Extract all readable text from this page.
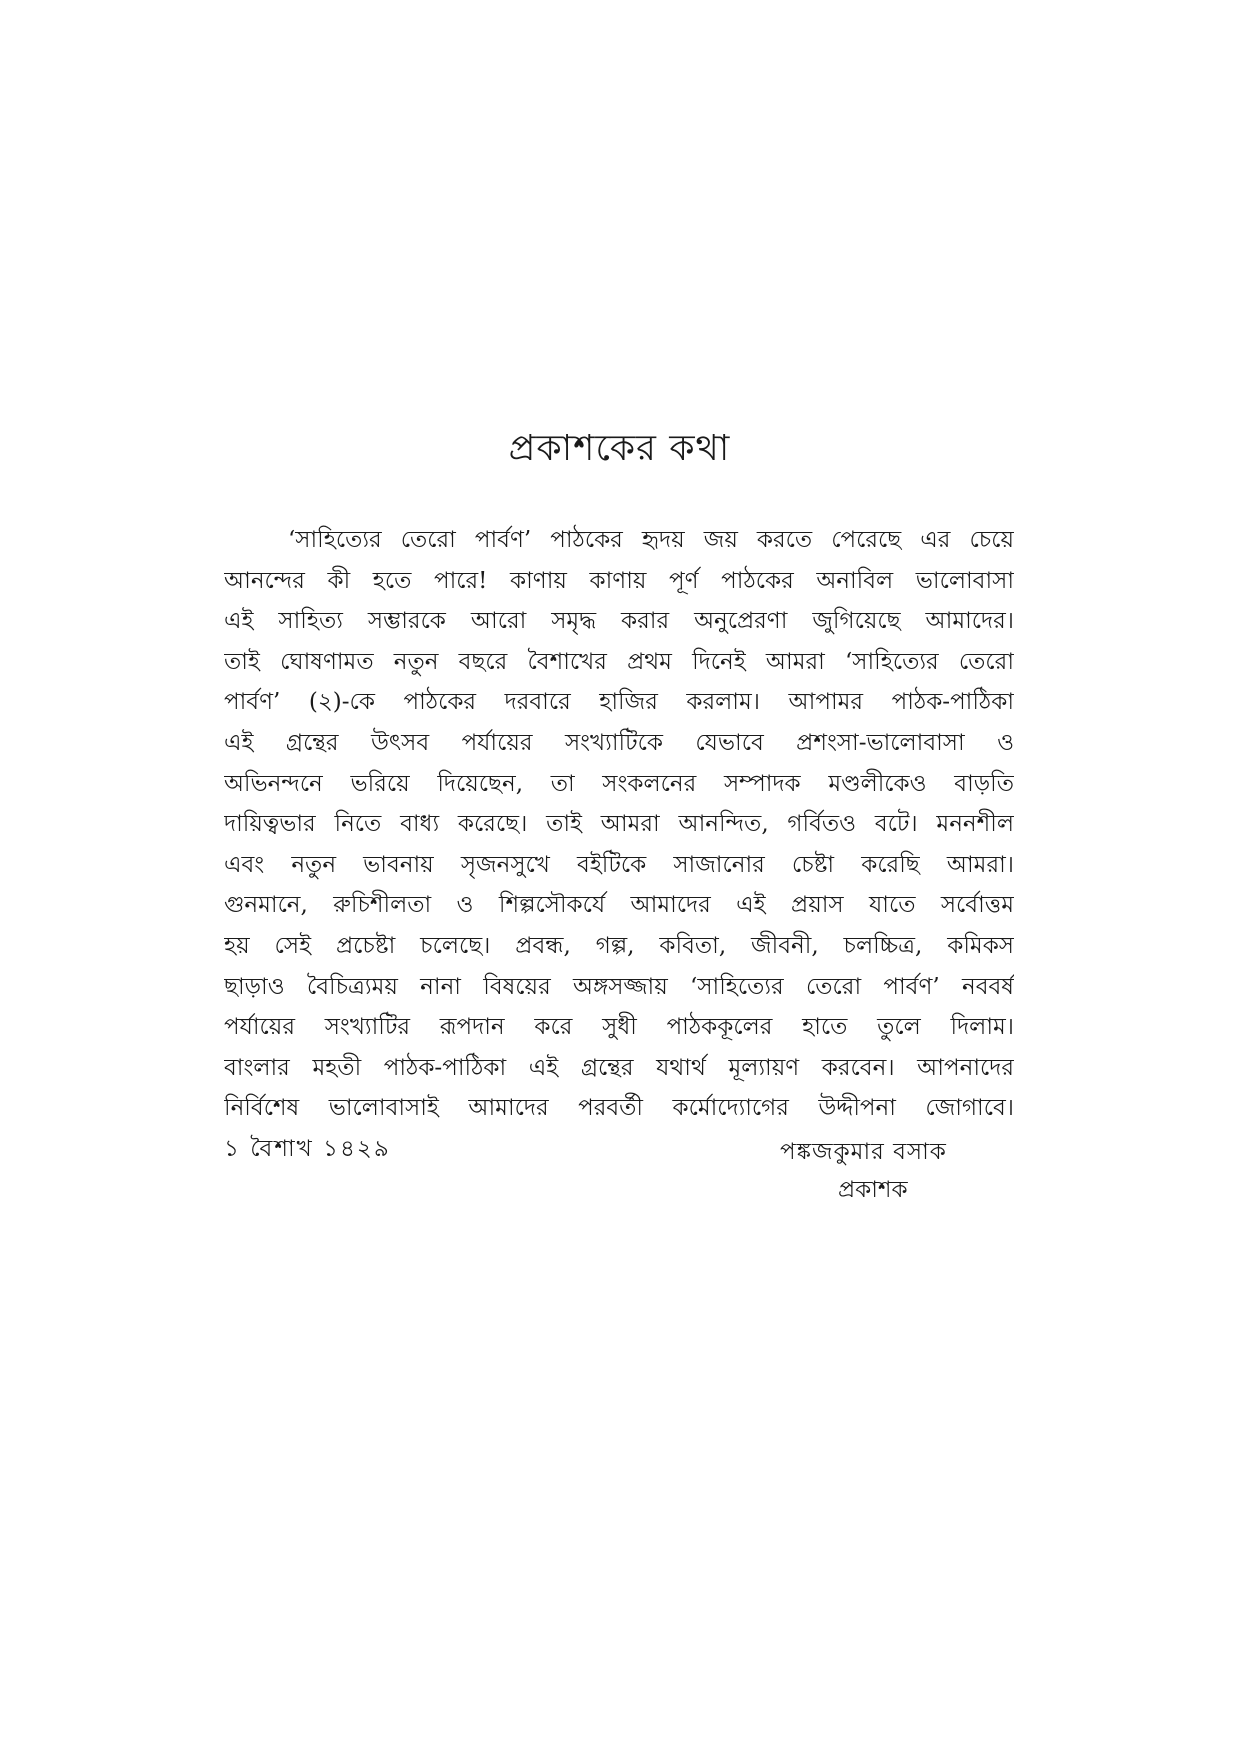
প্রকাশকের কথা
‘সাহিত্যের তেরো পার্বণ’ পাঠকের হৃদয় জয় করতে পেরেছে এর চেয়ে
আনন্দের কী হতে পারে! কাণায় কাণায় পূর্ণ পাঠকের অনাবিল ভালোবাসা
এই সাহিত্য সম্ভারকে আরো সমৃদ্ধ করার অনুপ্রেরণা জুগিয়েছে আমাদের।
তাই ঘোষণামত নতুন বছরে বৈশাখের প্রথম দিনেই আমরা ‘সাহিত্যের তেরো
পার্বণ’ (২)-কে পাঠকের দরবারে হাজির করলাম। আপামর পাঠক-পাঠিকা
এই গ্রন্থের উৎসব পর্যায়ের সংখ্যাটিকে যেভাবে প্রশংসা-ভালোবাসা ও
অভিনন্দনে ভরিয়ে দিয়েছেন, তা সংকলনের সম্পাদক মণ্ডলীকেও বাড়তি
দায়িত্বভার নিতে বাধ্য করেছে। তাই আমরা আনন্দিত, গর্বিতও বটে। মননশীল
এবং নতুন ভাবনায় সৃজনসুখে বইটিকে সাজানোর চেষ্টা করেছি আমরা।
গুনমানে, রুচিশীলতা ও শিল্পসৌকর্যে আমাদের এই প্রয়াস যাতে সর্বোত্তম
হয় সেই প্রচেষ্টা চলেছে। প্রবন্ধ, গল্প, কবিতা, জীবনী, চলচ্চিত্র, কমিকস
ছাড়াও বৈচিত্র্যময় নানা বিষয়ের অঙ্গসজ্জায় ‘সাহিত্যের তেরো পার্বণ’ নববর্ষ
পর্যায়ের সংখ্যাটির রূপদান করে সুধী পাঠককূলের হাতে তুলে দিলাম।
বাংলার মহতী পাঠক-পাঠিকা এই গ্রন্থের যথার্থ মূল্যায়ণ করবেন। আপনাদের
নির্বিশেষ ভালোবাসাই আমাদের পরবর্তী কর্মোদ্যোগের উদ্দীপনা জোগাবে।
১ বৈশাখ ১৪২৯	পঙ্কজকুমার বসাক
প্রকাশক
